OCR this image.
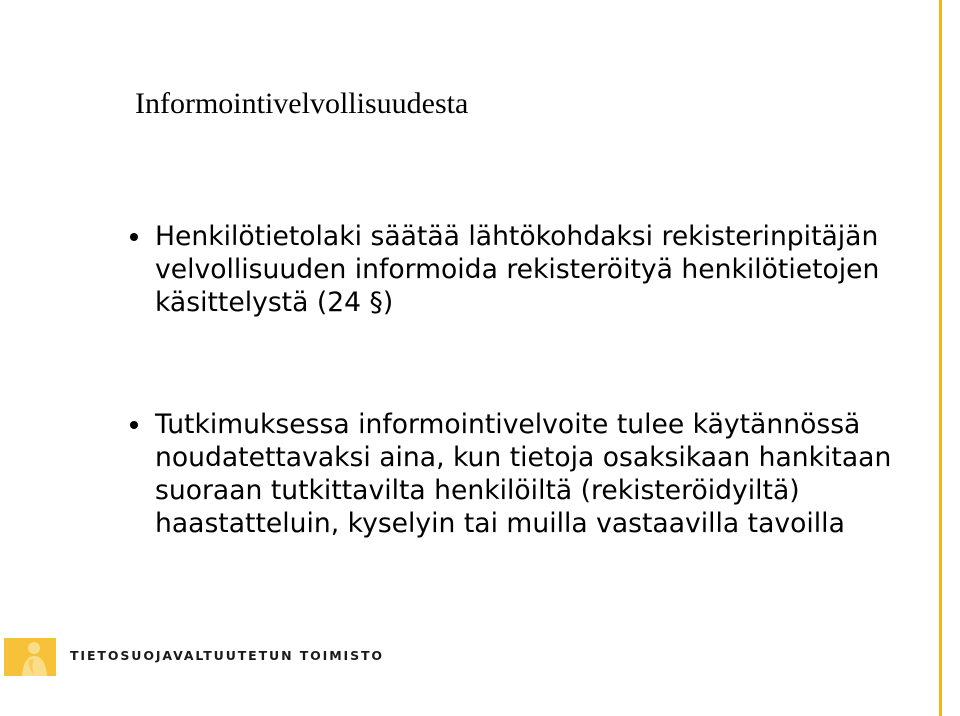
Informointivelvollisuudesta
Henkilötietolaki säätää lähtökohdaksi rekisterinpitäjän
velvollisuuden informoida rekisteröityä henkilötietojen
käsittelystä (24 §)
Tutkimuksessa informointivelvoite tulee käytännössä
noudatettavaksi aina, kun tietoja osaksikaan hankitaan
suoraan tutkittavilta henkilöiltä (rekisteröidyiltä)
haastatteluin, kyselyin tai muilla vastaavilla tavoilla
TIETOSUOJAVALTUUTETUN TOIMISTO
